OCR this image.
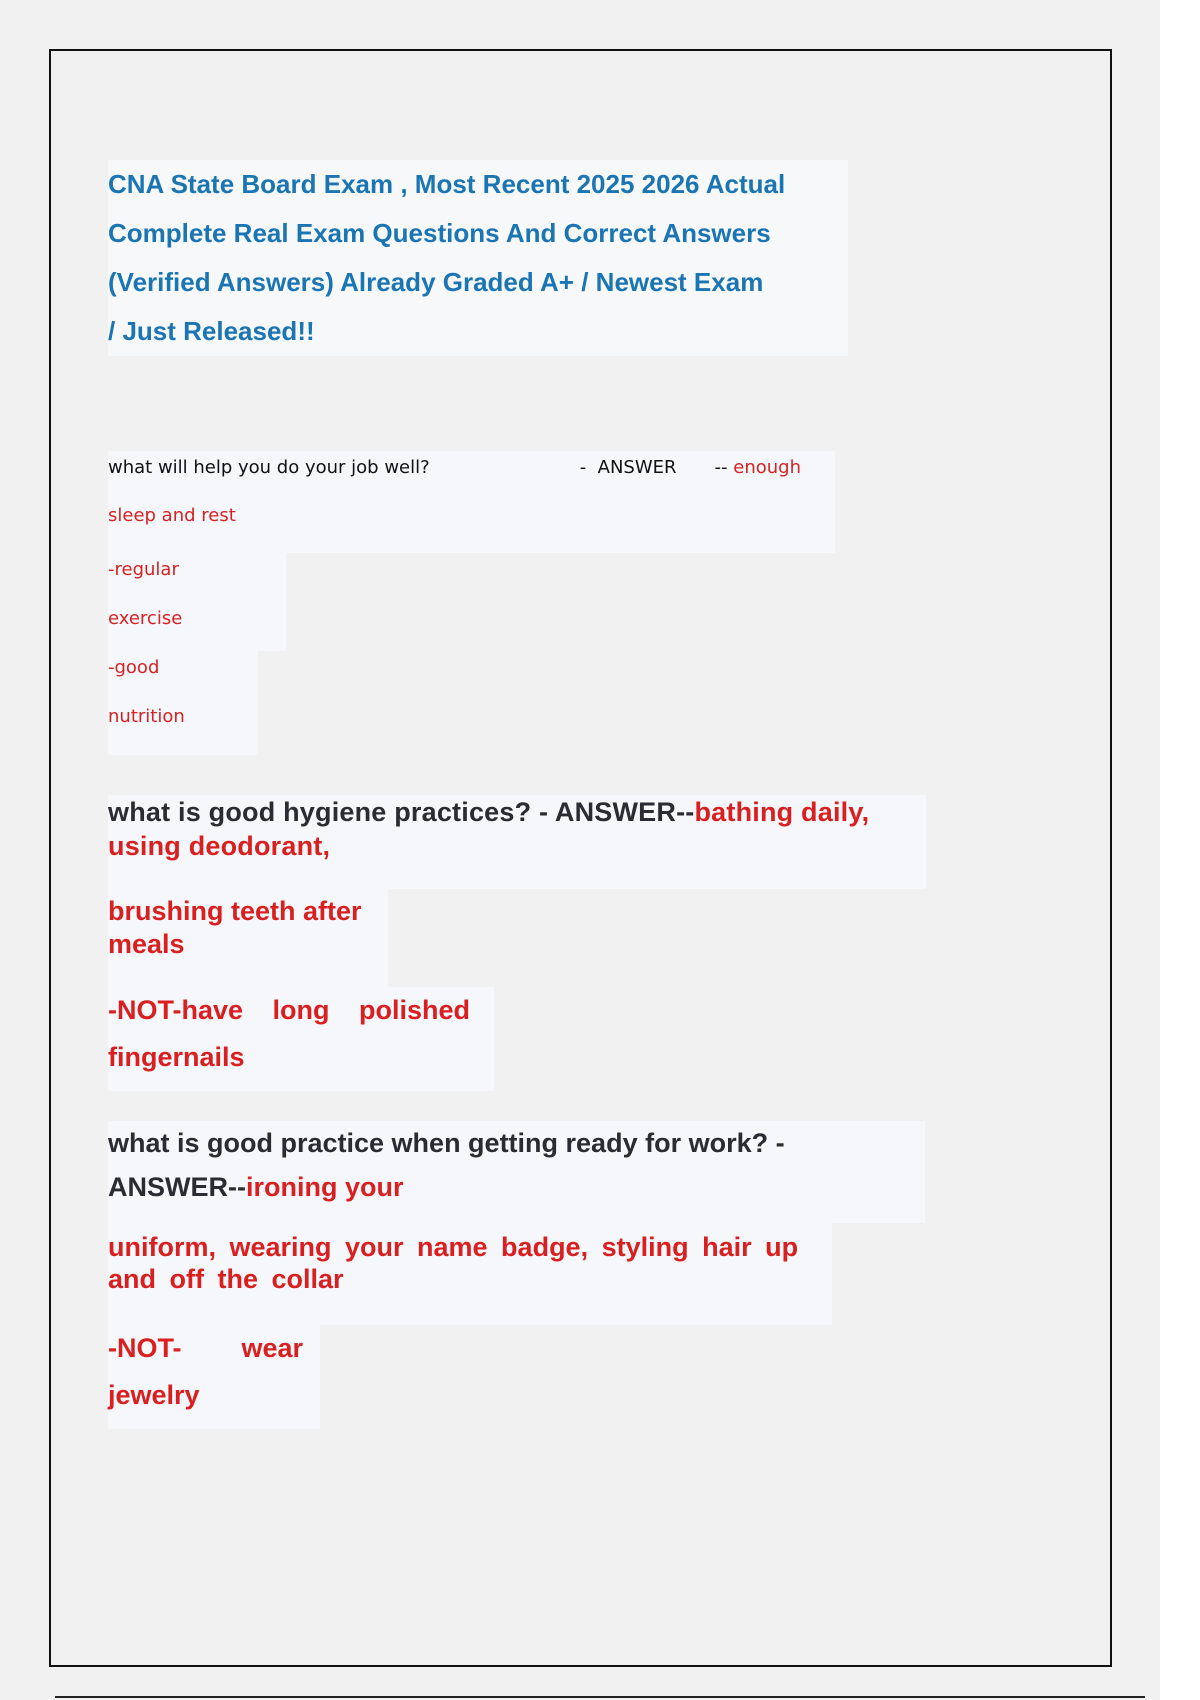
CNA State Board Exam , Most Recent 2025 2026 Actual
Complete Real Exam Questions And Correct Answers
(Verified Answers) Already Graded A+ / Newest Exam
/ Just Released!!
what will help you do your job well?	- ANSWER -- enough
sleep and rest
-regular
exercise
-good
nutrition
what is good hygiene practices? - ANSWER--bathing daily, using deodorant,
brushing teeth after
meals
-NOT-have long polished
fingernails
what is good practice when getting ready for work? -
ANSWER--ironing your
uniform, wearing your name badge, styling hair up
and off the collar
-NOT- wear
jewelry
